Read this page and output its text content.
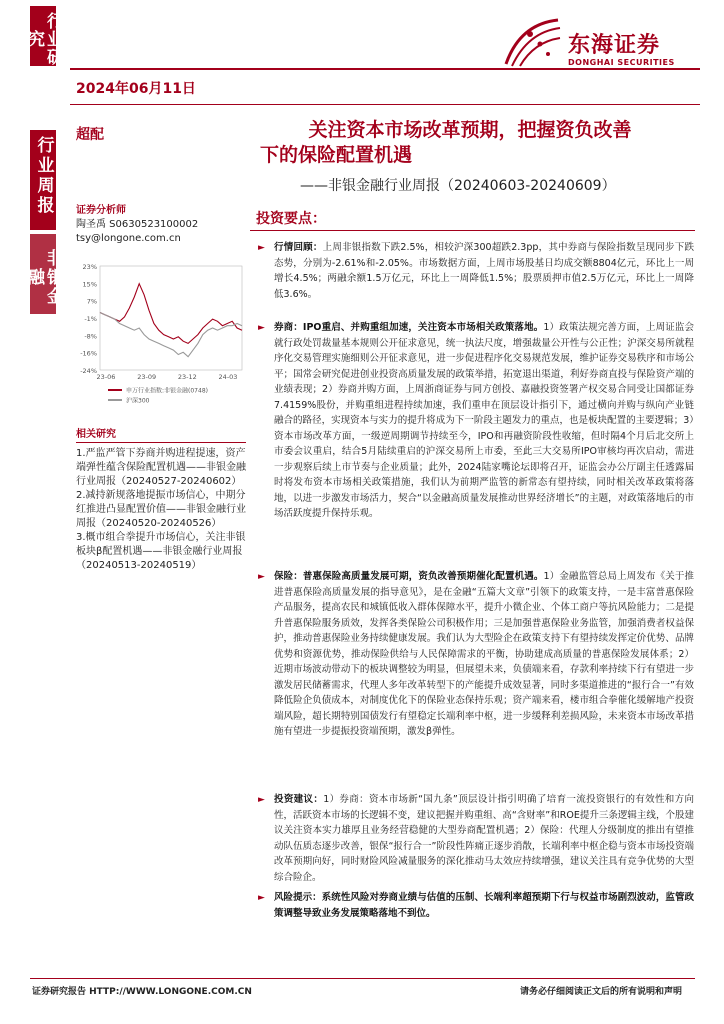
行业研究
行业周报
非银金融
东海证券
DONGHAI SECURITIES
2024年06月11日
超配	关注资本市场改革预期，把握资负改善
下的保险配置机遇
——非银金融行业周报（20240603-20240609）
证券分析师
陶圣禹 S0630523100002
tsy@longone.com.cn
23%
15%
7%
-1%
-8%
-16%
-24%
23-06	23-09	23-12	24-03
申万行业指数:非银金融(0748)
沪深300
相关研究

1.严监严管下券商并购进程提速，资产端弹性蕴含保险配置机遇——非银金融行业周报（20240527-20240602）

2.减持新规落地提振市场信心，中期分红推进凸显配置价值——非银金融行业周报（20240520-20240526）

3.概市组合拳提升市场信心，关注非银板块β配置机遇——非银金融行业周报（20240513-20240519）

投资要点：
► 行情回顾：上周非银指数下跌2.5%，相较沪深300超跌2.3pp，其中券商与保险指数呈现同步下跌态势，分别为-2.61%和-2.05%。市场数据方面，上周市场股基日均成交额8804亿元，环比上一周增长4.5%；两融余额1.5万亿元，环比上一周降低1.5%；股票质押市值2.5万亿元，环比上一周降低3.6%。
► 券商：IPO重启、并购重组加速，关注资本市场相关政策落地。1）政策法规完善方面，上周证监会就行政处罚裁量基本规则公开征求意见，统一执法尺度，增强裁量公开性与公正性；沪深交易所就程序化交易管理实施细则公开征求意见，进一步促进程序化交易规范发展，维护证券交易秩序和市场公平；国常会研究促进创业投资高质量发展的政策举措，拓宽退出渠道，利好券商直投与保险资产端的业绩表现；2）券商并购方面，上周浙商证券与同方创投、嘉融投资签署产权交易合同受让国都证券7.4159%股份，并购重组进程持续加速，我们重申在顶层设计指引下，通过横向并购与纵向产业链融合的路径，实现资本与实力的提升将成为下一阶段主题发力的重点，也是板块配置的主要逻辑；3）资本市场改革方面，一级逆周期调节持续至今，IPO和再融资阶段性收缩，但时隔4个月后北交所上市委会议重启，结合5月陆续重启的沪深交易所上市委，至此三大交易所IPO审核均再次启动，需进一步观察后续上市节奏与企业质量；此外，2024陆家嘴论坛即将召开，证监会办公厅副主任透露届时将发布资本市场相关政策措施，我们认为前期严监管的新常态有望持续，同时相关改革政策将落地，以进一步激发市场活力，契合“以金融高质量发展推动世界经济增长”的主题，对政策落地后的市场活跃度提升保持乐观。
► 保险：普惠保险高质量发展可期，资负改善预期催化配置机遇。1）金融监管总局上周发布《关于推进普惠保险高质量发展的指导意见》，是在金融“五篇大文章”引领下的政策支持，一是丰富普惠保险产品服务，提高农民和城镇低收入群体保障水平，提升小微企业、个体工商户等抗风险能力；二是提升普惠保险服务质效，发挥各类保险公司积极作用；三是加强普惠保险业务监管，加强消费者权益保护，推动普惠保险业务持续健康发展。我们认为大型险企在政策支持下有望持续发挥定价优势、品牌优势和资源优势，推动保险供给与人民保障需求的平衡，协助建成高质量的普惠保险发展体系；2）近期市场波动带动下的板块调整较为明显，但展望未来，负债端来看，存款利率持续下行有望进一步激发居民储蓄需求，代理人多年改革转型下的产能提升成效显著，同时多渠道推进的“报行合一”有效降低险企负债成本，对制度优化下的保险业态保持乐观；资产端来看，楼市组合拳催化缓解地产投资端风险，超长期特别国债发行有望稳定长端利率中枢，进一步缓释利差损风险，未来资本市场改革措施有望进一步提振投资端预期，激发β弹性。
► 投资建议：1）券商：资本市场新“国九条”顶层设计指引明确了培育一流投资银行的有效性和方向性，活跃资本市场的长逻辑不变，建议把握并购重组、高“含财率”和ROE提升三条逻辑主线，个股建议关注资本实力雄厚且业务经营稳健的大型券商配置机遇；2）保险：代理人分级制度的推出有望推动队伍质态逐步改善，银保“报行合一”阶段性阵痛正逐步消散，长端利率中枢企稳与资本市场投资端改革预期向好，同时财险风险减量服务的深化推动马太效应持续增强，建议关注具有竞争优势的大型综合险企。
► 风险提示：系统性风险对券商业绩与估值的压制、长端利率超预期下行与权益市场剧烈波动，监管政策调整导致业务发展策略落地不到位。
证券研究报告 HTTP://WWW.LONGONE.COM.CN	请务必仔细阅读正文后的所有说明和声明
